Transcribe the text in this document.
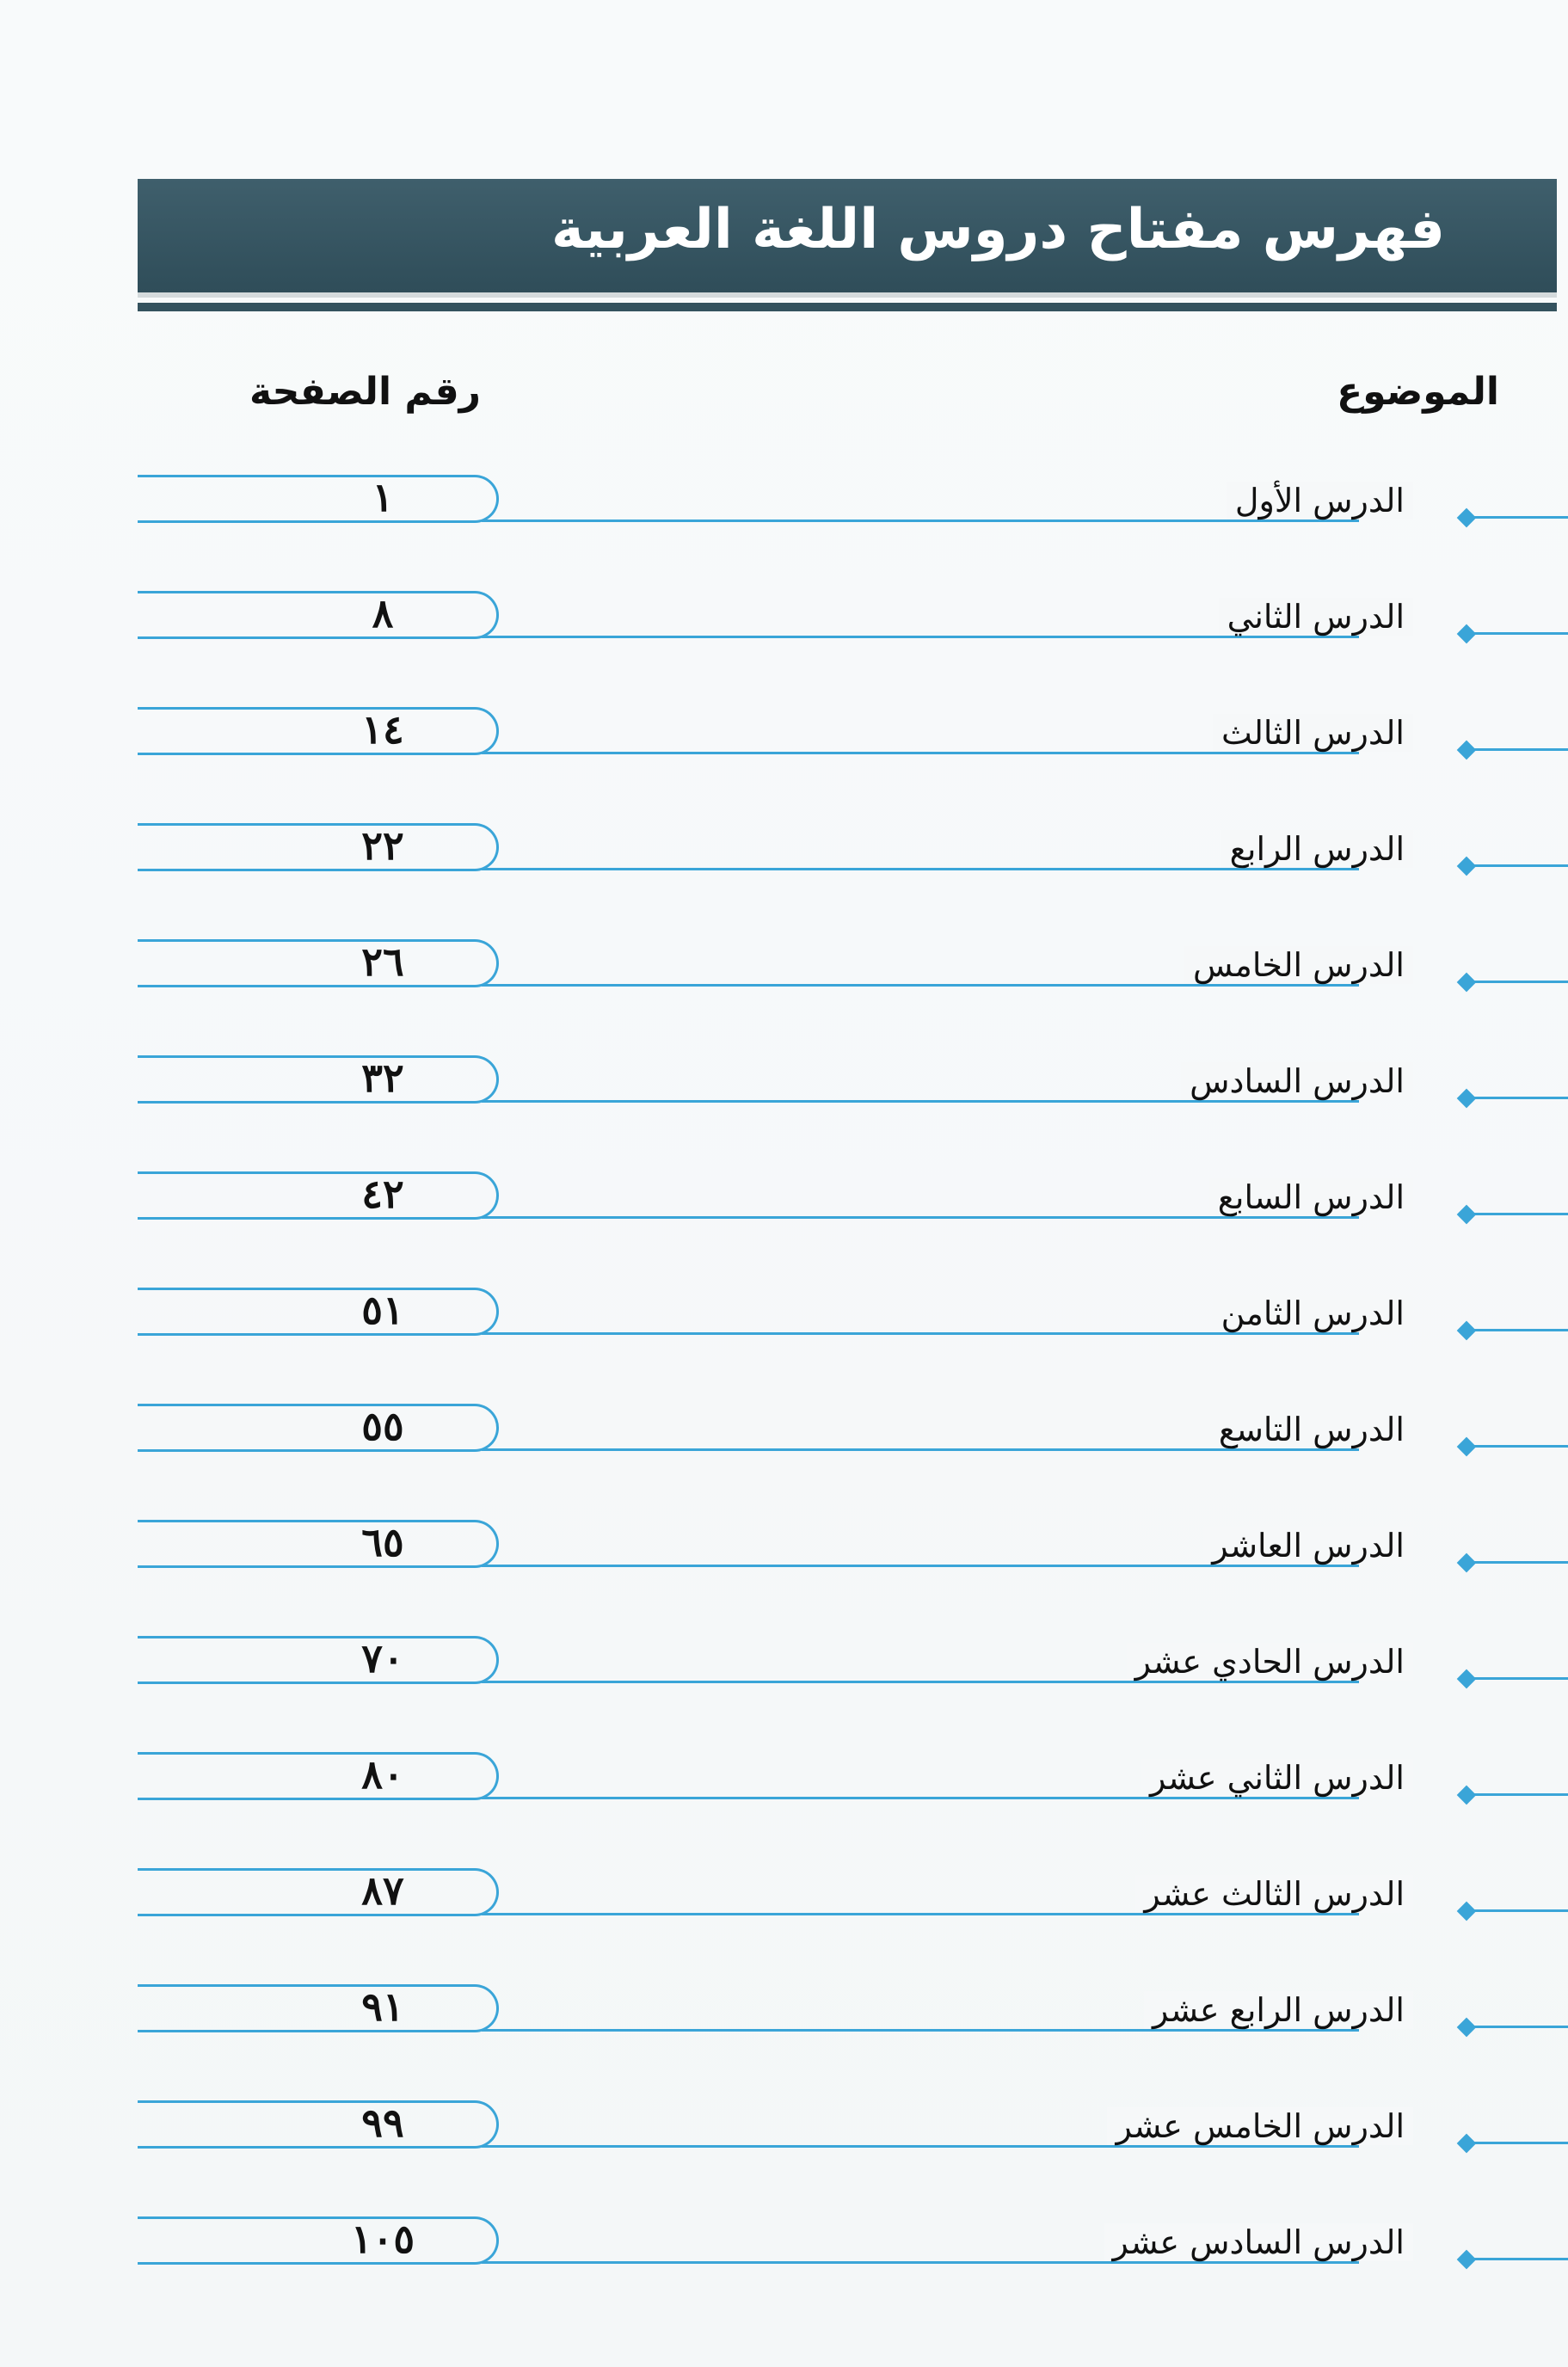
فهرس مفتاح دروس اللغة العربية
الموضوع
رقم الصفحة
١	الدرس الأول
٨	الدرس الثاني
١٤	الدرس الثالث
٢٢	الدرس الرابع
٢٦	الدرس الخامس
٣٢	الدرس السادس
٤٢	الدرس السابع
٥١	الدرس الثامن
٥٥	الدرس التاسع
٦٥	الدرس العاشر
٧٠	الدرس الحادي عشر
٨٠	الدرس الثاني عشر
٨٧	الدرس الثالث عشر
٩١	الدرس الرابع عشر
٩٩	الدرس الخامس عشر
١٠٥	الدرس السادس عشر
